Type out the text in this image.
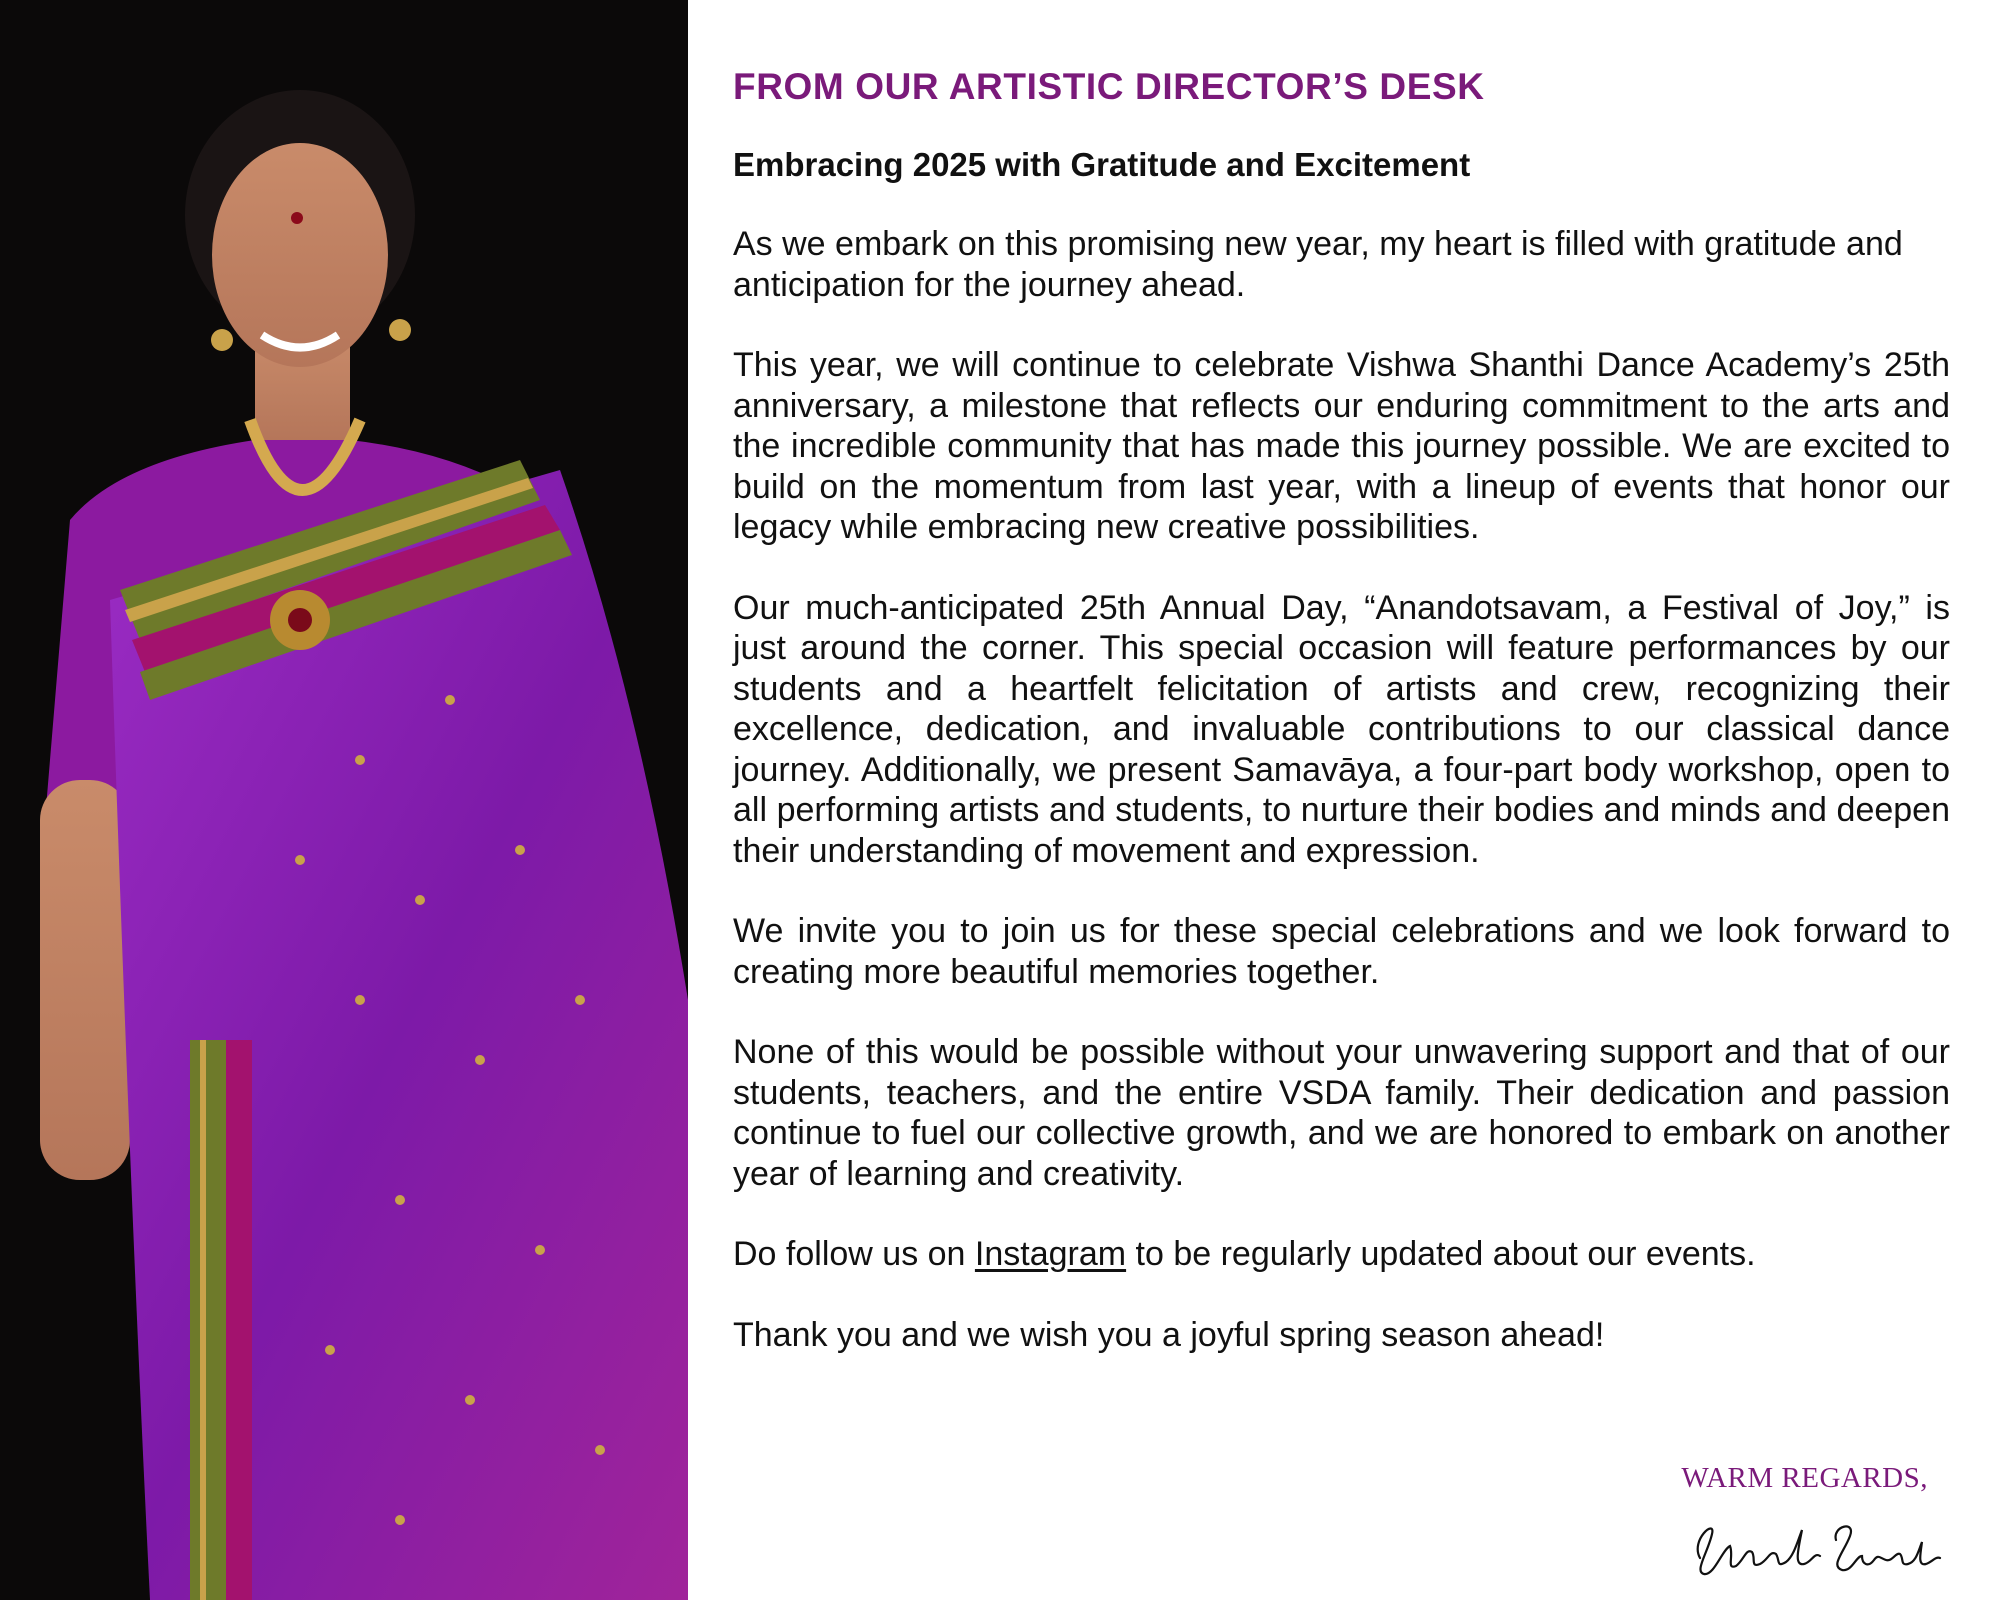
FROM OUR ARTISTIC DIRECTOR’S DESK
Embracing 2025 with Gratitude and Excitement

As we embark on this promising new year, my heart is filled with gratitude and anticipation for the journey ahead.

This year, we will continue to celebrate Vishwa Shanthi Dance Academy’s 25th anniversary, a milestone that reflects our enduring commitment to the arts and the incredible community that has made this journey possible. We are excited to build on the momentum from last year, with a lineup of events that honor our legacy while embracing new creative possibilities.

Our much-anticipated 25th Annual Day, “Anandotsavam, a Festival of Joy,” is just around the corner. This special occasion will feature performances by our students and a heartfelt felicitation of artists and crew, recognizing their excellence, dedication, and invaluable contributions to our classical dance journey. Additionally, we present Samavāya, a four-part body workshop, open to all performing artists and students, to nurture their bodies and minds and deepen their understanding of movement and expression.

We invite you to join us for these special celebrations and we look forward to creating more beautiful memories together.

None of this would be possible without your unwavering support and that of our students, teachers, and the entire VSDA family. Their dedication and passion continue to fuel our collective growth, and we are honored to embark on another year of learning and creativity.

Do follow us on Instagram to be regularly updated about our events.

Thank you and we wish you a joyful spring season ahead!

WARM REGARDS,
